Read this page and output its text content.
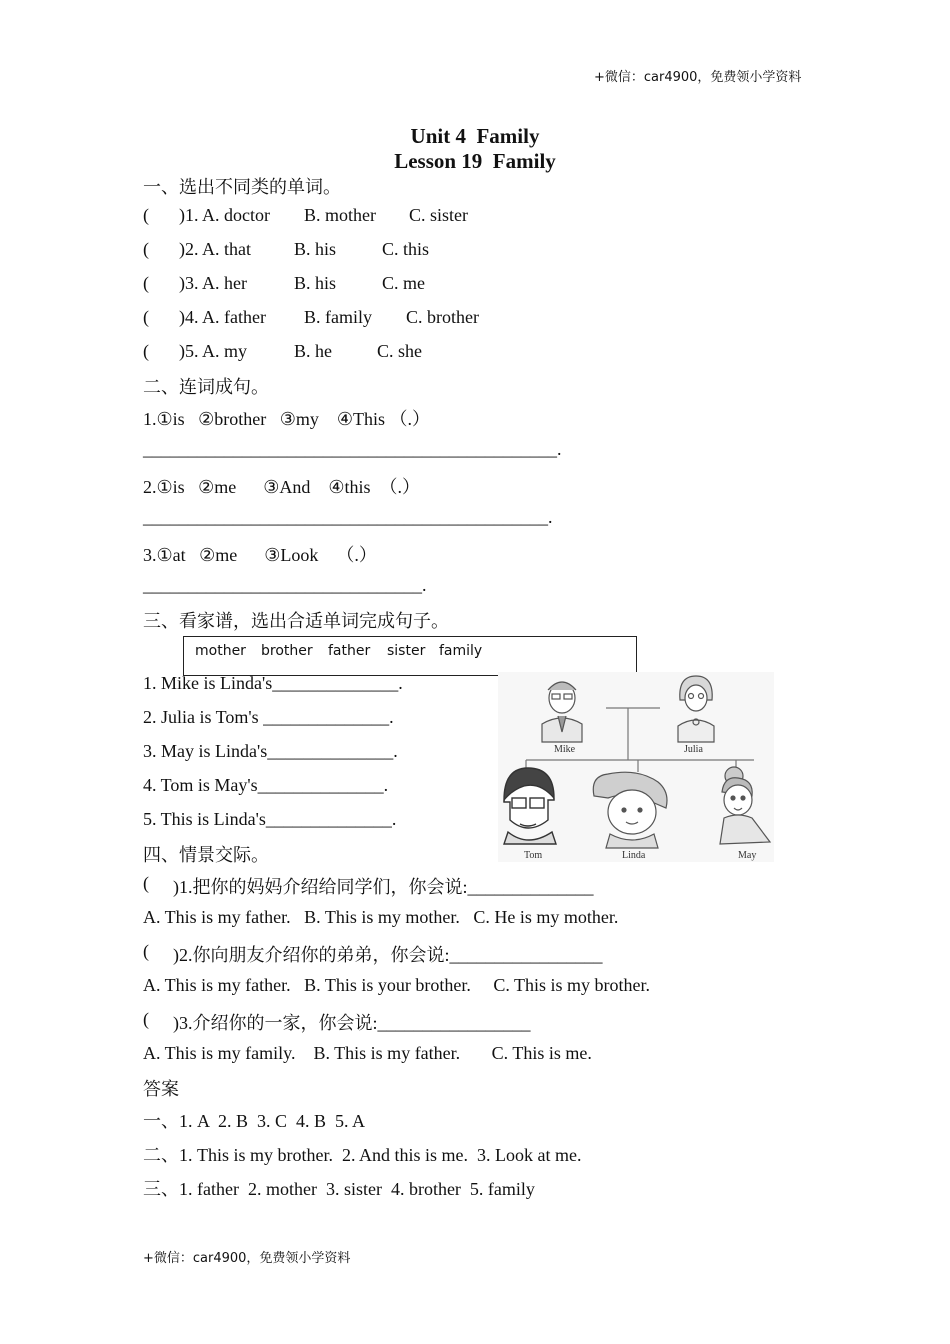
+微信：car4900，免费领小学资料
+微信：car4900，免费领小学资料
Unit 4  Family
Lesson 19  Family
一、选出不同类的单词。
( )1. A. doctor B. mother C. sister
( )2. A. that B. his	C. this
( )3. A. her	B. his	C. me
( )4. A. father B. family C. brother
( )5. A. my	B. he	C. she
二、连词成句。
1.①is   ②brother   ③my    ④This （.）
______________________________________________.
2.①is   ②me      ③And    ④this  （.）
_____________________________________________.
3.①at   ②me      ③Look    （.）
_______________________________.
三、看家谱，选出合适单词完成句子。
mother brother father sister family
1. Mike is Linda's______________.
2. Julia is Tom's ______________.
3. May is Linda's______________.
4. Tom is May's______________.
5. This is Linda's______________.
Mike	Julia
Tom	Linda	May
四、情景交际。
( )1.把你的妈妈介绍给同学们，你会说:______________
A. This is my father.   B. This is my mother.   C. He is my mother.
( )2.你向朋友介绍你的弟弟，你会说:_________________
A. This is my father.   B. This is your brother.     C. This is my brother.
( )3.介绍你的一家，你会说:_________________
A. This is my family.    B. This is my father.       C. This is me.
答案
一、1. A  2. B  3. C  4. B  5. A
二、1. This is my brother.  2. And this is me.  3. Look at me.
三、1. father  2. mother  3. sister  4. brother  5. family
